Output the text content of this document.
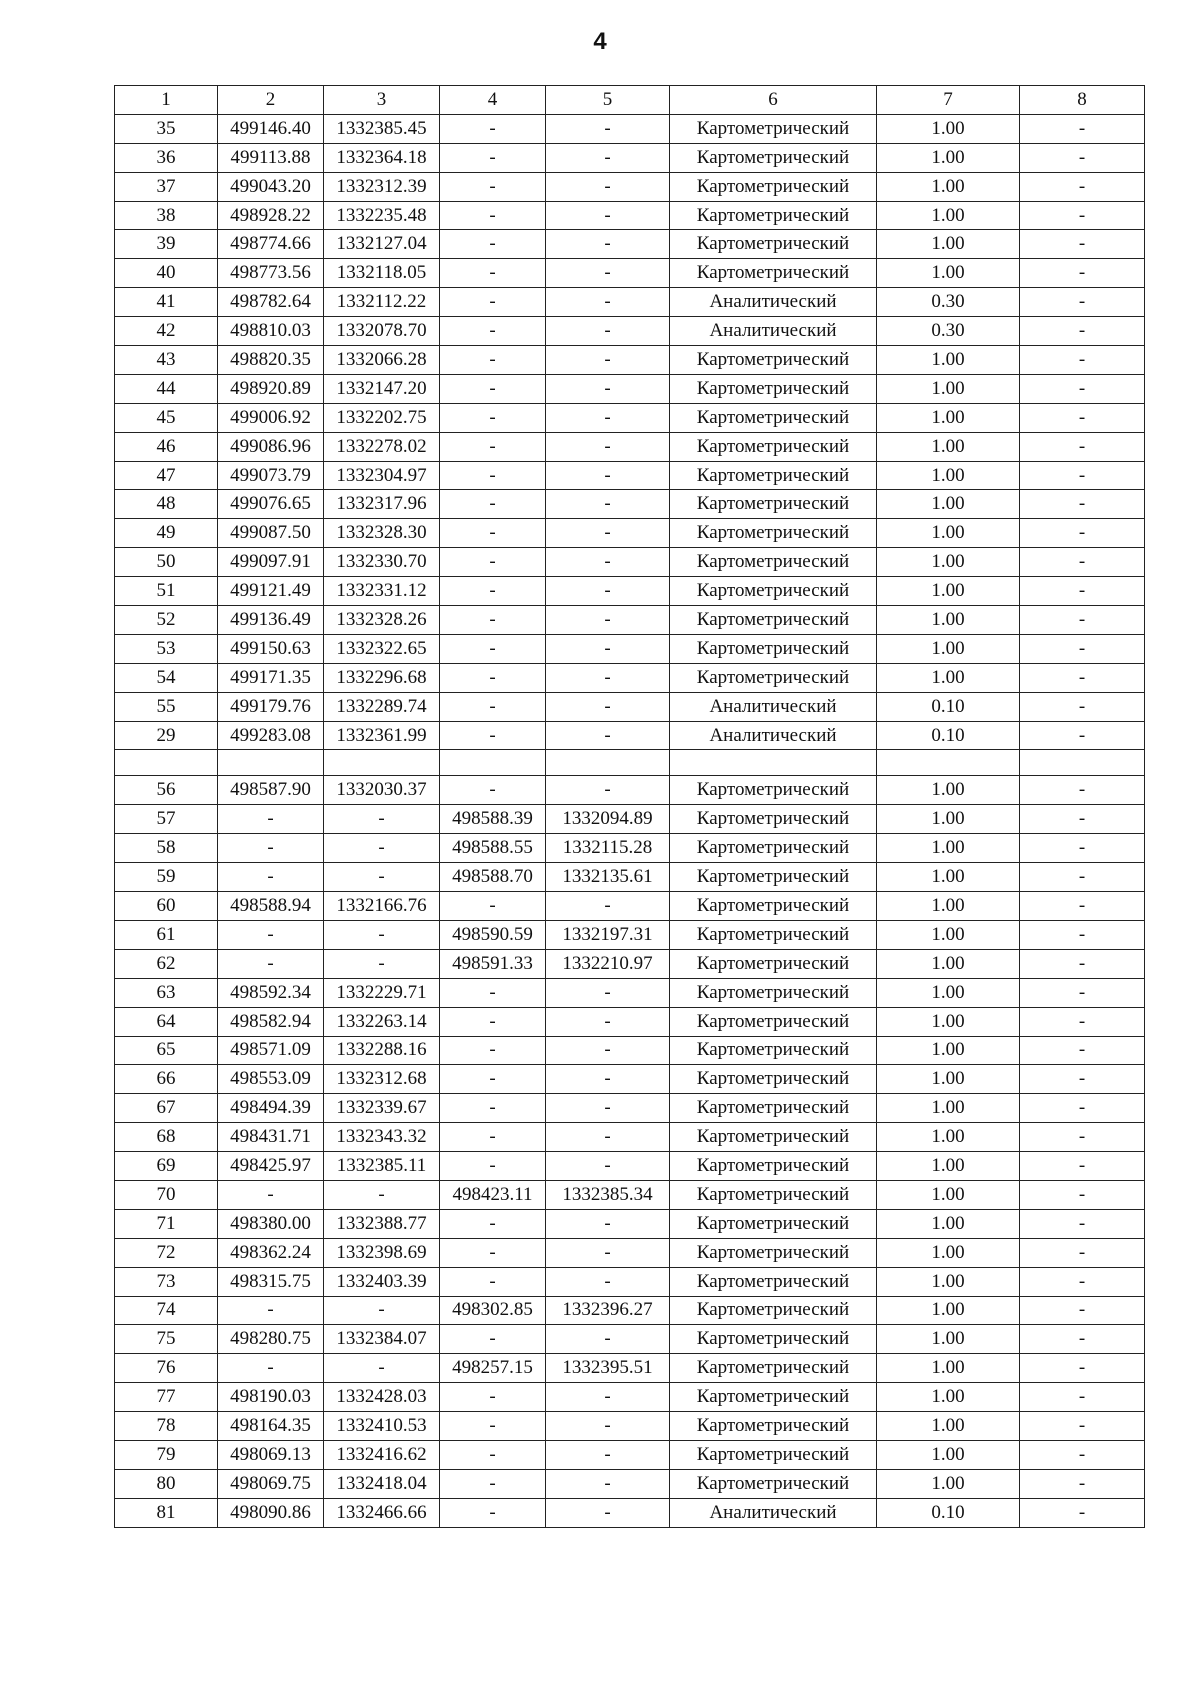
4
1	2	3	4	5	6	7	8
35	499146.40	1332385.45	-	-	Картометрический	1.00	-
36	499113.88	1332364.18	-	-	Картометрический	1.00	-
37	499043.20	1332312.39	-	-	Картометрический	1.00	-
38	498928.22	1332235.48	-	-	Картометрический	1.00	-
39	498774.66	1332127.04	-	-	Картометрический	1.00	-
40	498773.56	1332118.05	-	-	Картометрический	1.00	-
41	498782.64	1332112.22	-	-	Аналитический	0.30	-
42	498810.03	1332078.70	-	-	Аналитический	0.30	-
43	498820.35	1332066.28	-	-	Картометрический	1.00	-
44	498920.89	1332147.20	-	-	Картометрический	1.00	-
45	499006.92	1332202.75	-	-	Картометрический	1.00	-
46	499086.96	1332278.02	-	-	Картометрический	1.00	-
47	499073.79	1332304.97	-	-	Картометрический	1.00	-
48	499076.65	1332317.96	-	-	Картометрический	1.00	-
49	499087.50	1332328.30	-	-	Картометрический	1.00	-
50	499097.91	1332330.70	-	-	Картометрический	1.00	-
51	499121.49	1332331.12	-	-	Картометрический	1.00	-
52	499136.49	1332328.26	-	-	Картометрический	1.00	-
53	499150.63	1332322.65	-	-	Картометрический	1.00	-
54	499171.35	1332296.68	-	-	Картометрический	1.00	-
55	499179.76	1332289.74	-	-	Аналитический	0.10	-
29	499283.08	1332361.99	-	-	Аналитический	0.10	-

56	498587.90	1332030.37	-	-	Картометрический	1.00	-
57	-	-	498588.39	1332094.89	Картометрический	1.00	-
58	-	-	498588.55	1332115.28	Картометрический	1.00	-
59	-	-	498588.70	1332135.61	Картометрический	1.00	-
60	498588.94	1332166.76	-	-	Картометрический	1.00	-
61	-	-	498590.59	1332197.31	Картометрический	1.00	-
62	-	-	498591.33	1332210.97	Картометрический	1.00	-
63	498592.34	1332229.71	-	-	Картометрический	1.00	-
64	498582.94	1332263.14	-	-	Картометрический	1.00	-
65	498571.09	1332288.16	-	-	Картометрический	1.00	-
66	498553.09	1332312.68	-	-	Картометрический	1.00	-
67	498494.39	1332339.67	-	-	Картометрический	1.00	-
68	498431.71	1332343.32	-	-	Картометрический	1.00	-
69	498425.97	1332385.11	-	-	Картометрический	1.00	-
70	-	-	498423.11	1332385.34	Картометрический	1.00	-
71	498380.00	1332388.77	-	-	Картометрический	1.00	-
72	498362.24	1332398.69	-	-	Картометрический	1.00	-
73	498315.75	1332403.39	-	-	Картометрический	1.00	-
74	-	-	498302.85	1332396.27	Картометрический	1.00	-
75	498280.75	1332384.07	-	-	Картометрический	1.00	-
76	-	-	498257.15	1332395.51	Картометрический	1.00	-
77	498190.03	1332428.03	-	-	Картометрический	1.00	-
78	498164.35	1332410.53	-	-	Картометрический	1.00	-
79	498069.13	1332416.62	-	-	Картометрический	1.00	-
80	498069.75	1332418.04	-	-	Картометрический	1.00	-
81	498090.86	1332466.66	-	-	Аналитический	0.10	-
